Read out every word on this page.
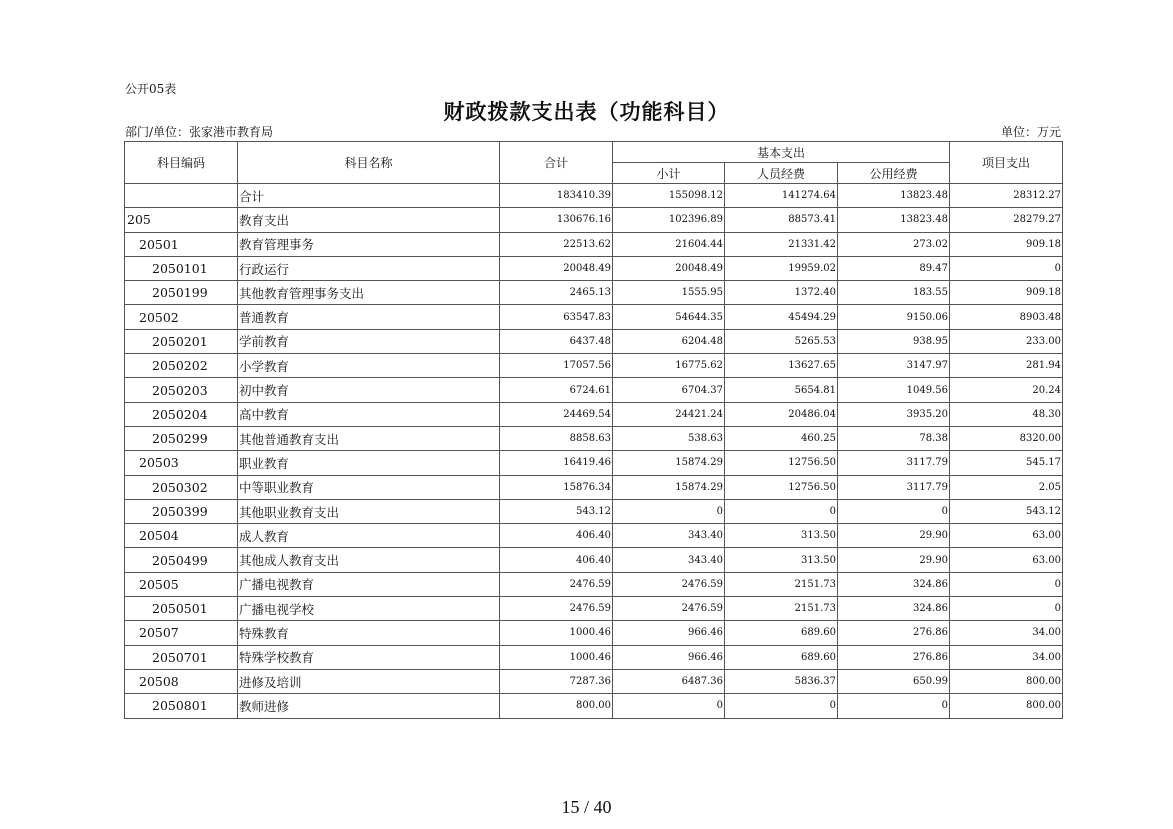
公开05表
财政拨款支出表（功能科目）
部门/单位：张家港市教育局	单位：万元
科目编码	科目名称	合计	基本支出			项目支出
			小计	人员经费	公用经费	
	合计	183410.39	155098.12	141274.64	13823.48	28312.27
205	教育支出	130676.16	102396.89	88573.41	13823.48	28279.27
20501	教育管理事务	22513.62	21604.44	21331.42	273.02	909.18
2050101	行政运行	20048.49	20048.49	19959.02	89.47	0
2050199	其他教育管理事务支出	2465.13	1555.95	1372.40	183.55	909.18
20502	普通教育	63547.83	54644.35	45494.29	9150.06	8903.48
2050201	学前教育	6437.48	6204.48	5265.53	938.95	233.00
2050202	小学教育	17057.56	16775.62	13627.65	3147.97	281.94
2050203	初中教育	6724.61	6704.37	5654.81	1049.56	20.24
2050204	高中教育	24469.54	24421.24	20486.04	3935.20	48.30
2050299	其他普通教育支出	8858.63	538.63	460.25	78.38	8320.00
20503	职业教育	16419.46	15874.29	12756.50	3117.79	545.17
2050302	中等职业教育	15876.34	15874.29	12756.50	3117.79	2.05
2050399	其他职业教育支出	543.12	0	0	0	543.12
20504	成人教育	406.40	343.40	313.50	29.90	63.00
2050499	其他成人教育支出	406.40	343.40	313.50	29.90	63.00
20505	广播电视教育	2476.59	2476.59	2151.73	324.86	0
2050501	广播电视学校	2476.59	2476.59	2151.73	324.86	0
20507	特殊教育	1000.46	966.46	689.60	276.86	34.00
2050701	特殊学校教育	1000.46	966.46	689.60	276.86	34.00
20508	进修及培训	7287.36	6487.36	5836.37	650.99	800.00
2050801	教师进修	800.00	0	0	0	800.00
15 / 40
